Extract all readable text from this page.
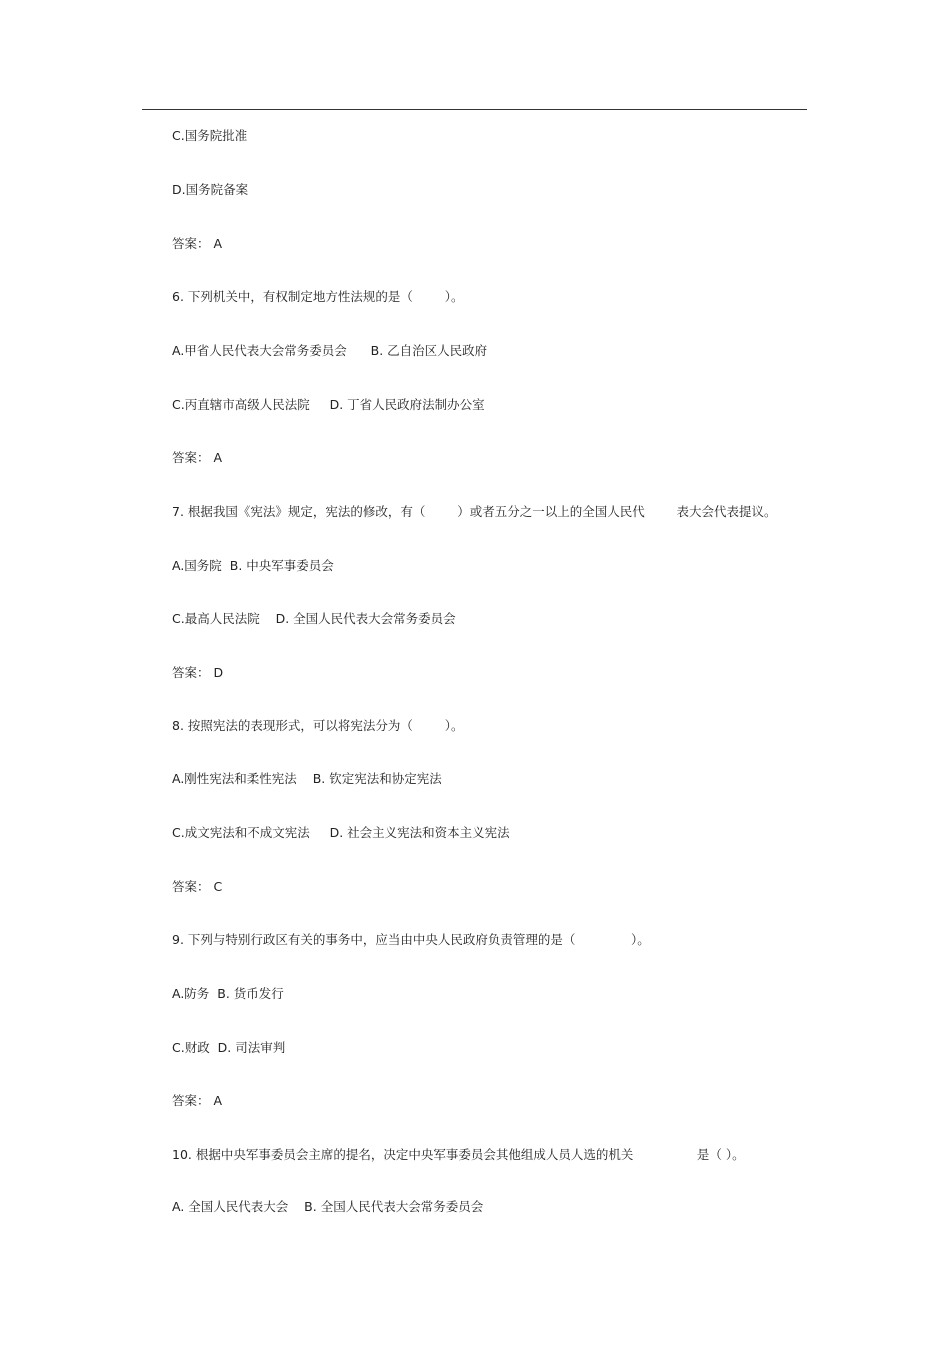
C.国务院批准
D.国务院备案
答案： A
6. 下列机关中，有权制定地方性法规的是（        ）。
A.甲省人民代表大会常务委员会      B. 乙自治区人民政府
C.丙直辖市高级人民法院     D. 丁省人民政府法制办公室
答案： A
7. 根据我国《宪法》规定，宪法的修改，有（        ）或者五分之一以上的全国人民代        表大会代表提议。
A.国务院  B. 中央军事委员会
C.最高人民法院    D. 全国人民代表大会常务委员会
答案： D
8. 按照宪法的表现形式，可以将宪法分为（        ）。
A.刚性宪法和柔性宪法    B. 钦定宪法和协定宪法
C.成文宪法和不成文宪法     D. 社会主义宪法和资本主义宪法
答案： C
9. 下列与特别行政区有关的事务中，应当由中央人民政府负责管理的是（              ）。
A.防务  B. 货币发行
C.财政  D. 司法审判
答案： A
10. 根据中央军事委员会主席的提名，决定中央军事委员会其他组成人员人选的机关                是（ ）。
A. 全国人民代表大会    B. 全国人民代表大会常务委员会
